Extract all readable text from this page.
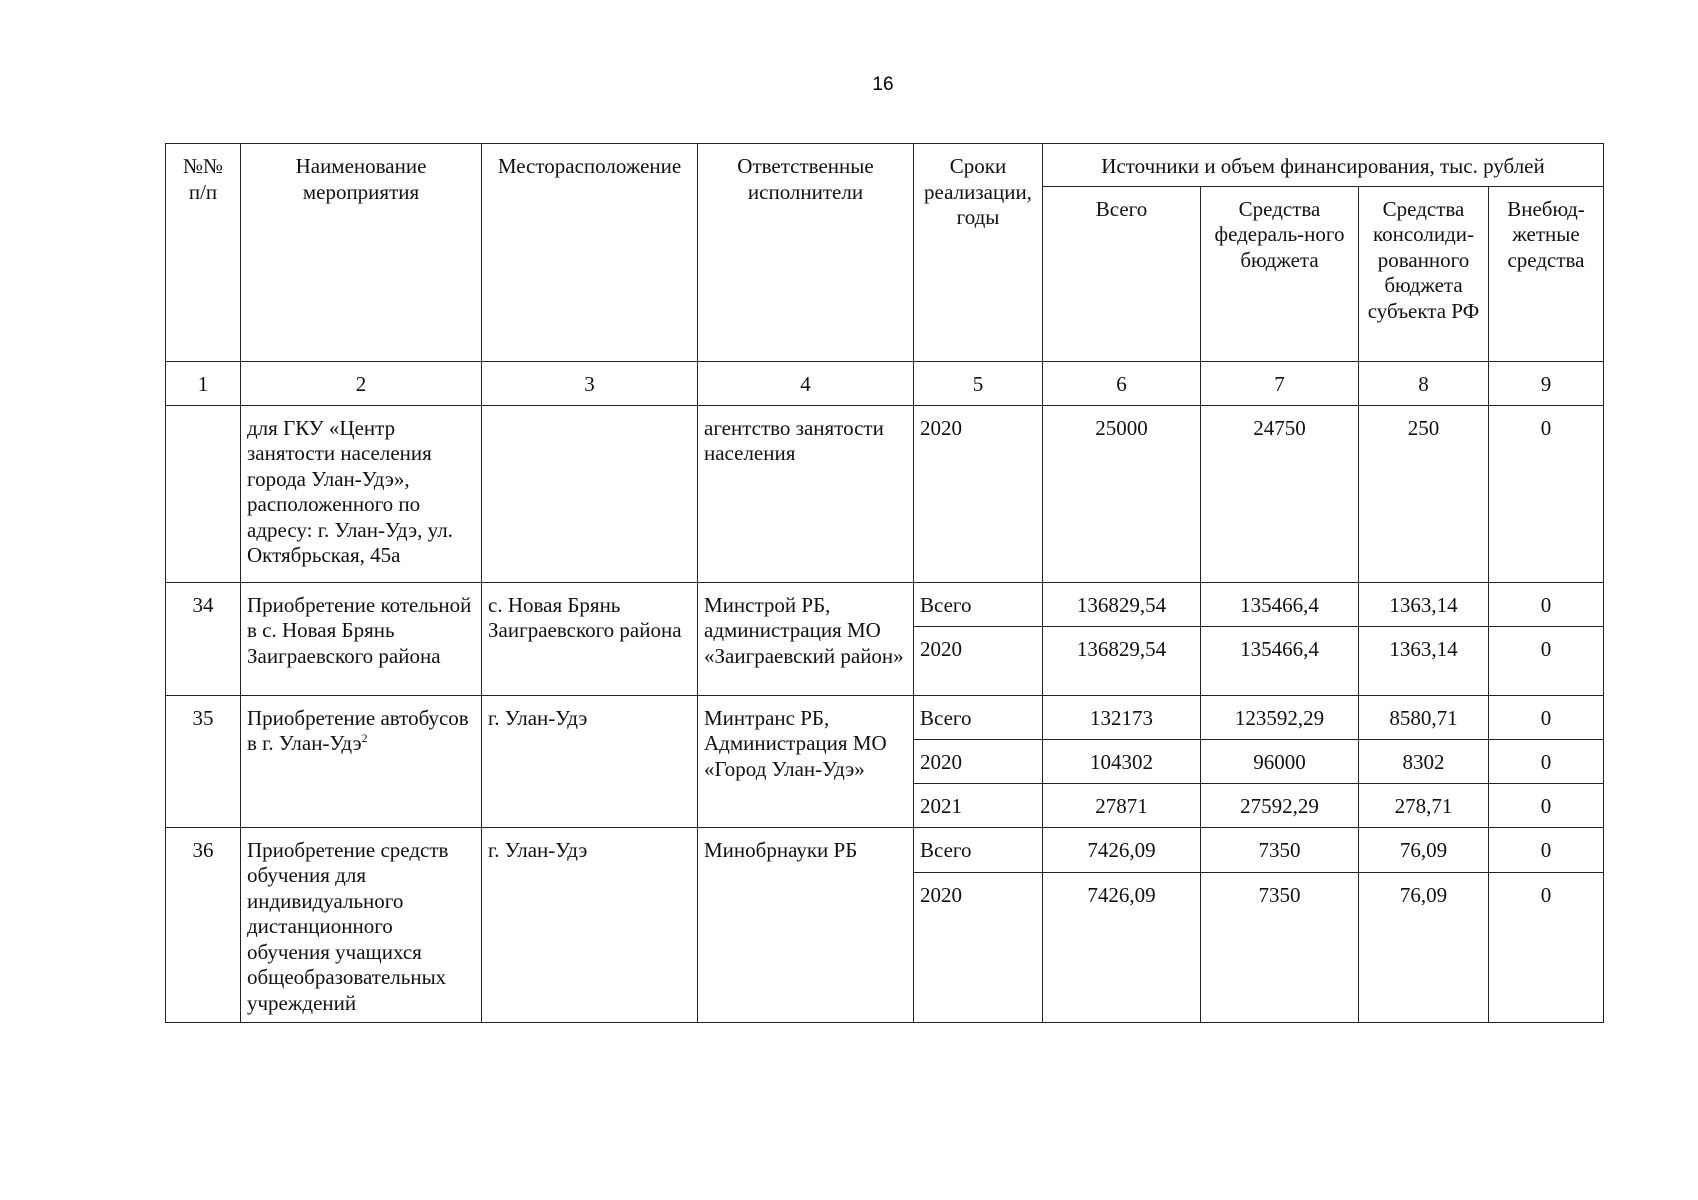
16
№№
п/п	Наименование мероприятия	Месторасположение	Ответственные исполнители	Сроки реализации, годы	Источники и объем финансирования, тыс. рублей			
					Всего	Средства федераль-ного бюджета	Средства консолиди-рованного бюджета субъекта РФ	Внебюд-жетные средства
1	2	3	4	5	6	7	8	9
	для ГКУ «Центр занятости населения города Улан-Удэ», расположенного по адресу: г. Улан-Удэ, ул. Октябрьская, 45а		агентство занятости населения	2020	25000	24750	250	0
34	Приобретение котельной в с. Новая Брянь Заиграевского района	с. Новая Брянь Заиграевского района	Минстрой РБ, администрация МО «Заиграевский район»	Всего	136829,54	135466,4	1363,14	0
				2020	136829,54	135466,4	1363,14	0
35	Приобретение автобусов в г. Улан-Удэ$^2$	г. Улан-Удэ	Минтранс РБ, Администрация МО «Город Улан-Удэ»	Всего	132173	123592,29	8580,71	0
				2020	104302	96000	8302	0
				2021	27871	27592,29	278,71	0
36	Приобретение средств обучения для индивидуального дистанционного обучения учащихся общеобразовательных учреждений	г. Улан-Удэ	Минобрнауки РБ	Всего	7426,09	7350	76,09	0
				2020	7426,09	7350	76,09	0
